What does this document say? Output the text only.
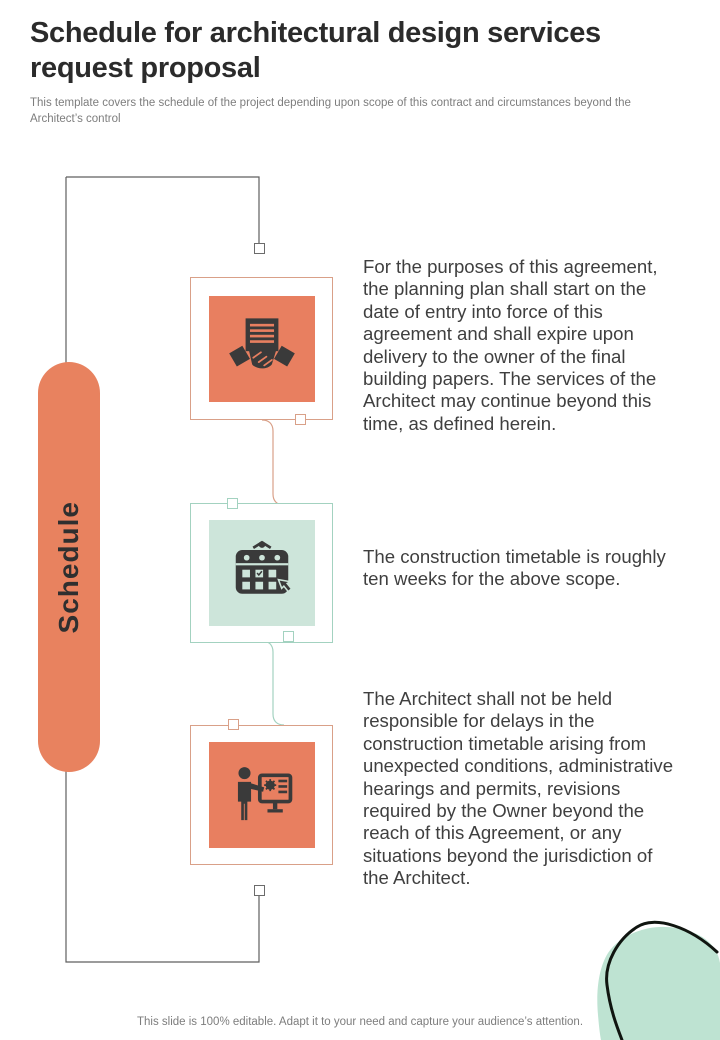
Schedule for architectural design services request proposal
This template covers the schedule of the project depending upon scope of this contract and circumstances beyond the Architect’s control
Schedule
For the purposes of this agreement, the planning plan shall start on the date of entry into force of this agreement and shall expire upon delivery to the owner of the final building papers. The services of the Architect may continue beyond this time, as defined herein.
The construction timetable is roughly ten weeks for the above scope.
The Architect shall not be held responsible for delays in the construction timetable arising from unexpected conditions, administrative hearings and permits, revisions required by the Owner beyond the reach of this Agreement, or any situations beyond the jurisdiction of the Architect.
This slide is 100% editable. Adapt it to your need and capture your audience’s attention.
